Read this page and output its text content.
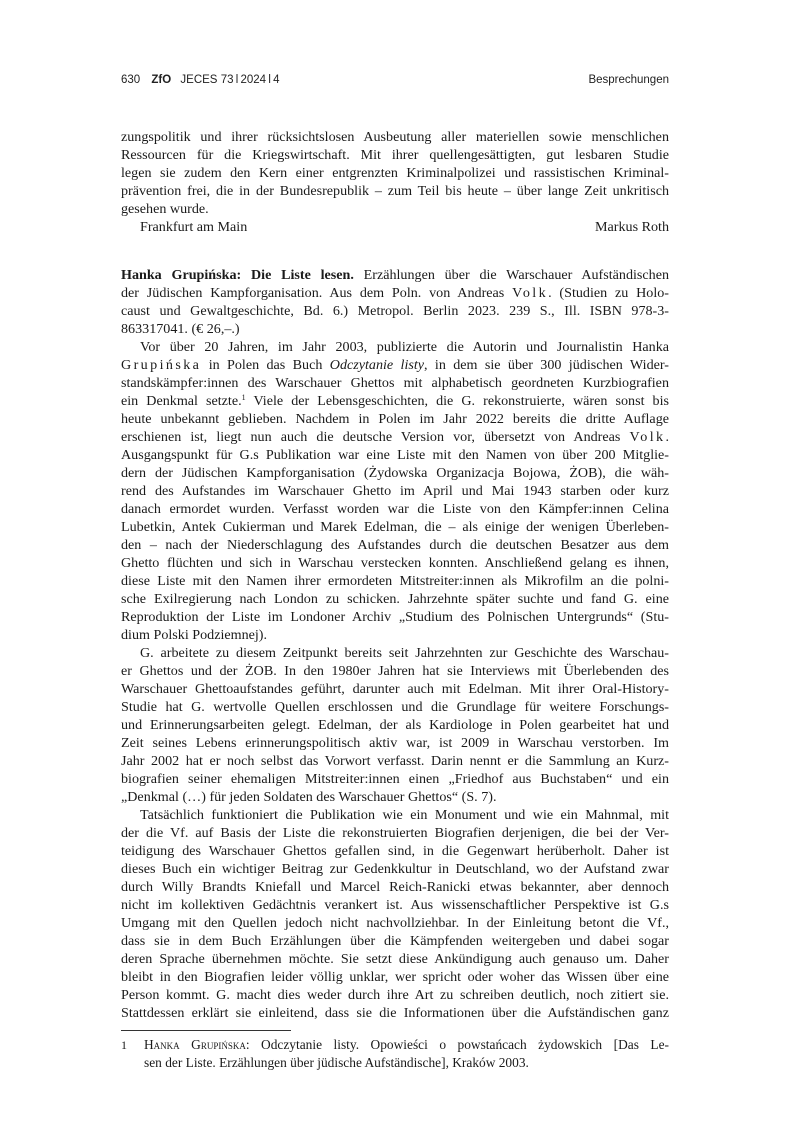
630 ZfO JECES 73 ǀ 2024 ǀ 4	Besprechungen
zungspolitik und ihrer rücksichtslosen Ausbeutung aller materiellen sowie menschlichen
Ressourcen für die Kriegswirtschaft. Mit ihrer quellengesättigten, gut lesbaren Studie
legen sie zudem den Kern einer entgrenzten Kriminalpolizei und rassistischen Kriminal-
prävention frei, die in der Bundesrepublik – zum Teil bis heute – über lange Zeit unkritisch
gesehen wurde.
Frankfurt am Main	Markus Roth
Hanka Grupińska: Die Liste lesen. Erzählungen über die Warschauer Aufständischen
der Jüdischen Kampforganisation. Aus dem Poln. von Andreas Volk. (Studien zu Holo-
caust und Gewaltgeschichte, Bd. 6.) Metropol. Berlin 2023. 239 S., Ill. ISBN 978-3-
863317041. (€ 26,–.)
Vor über 20 Jahren, im Jahr 2003, publizierte die Autorin und Journalistin Hanka
Grupińska in Polen das Buch Odczytanie listy, in dem sie über 300 jüdischen Wider-
standskämpfer:innen des Warschauer Ghettos mit alphabetisch geordneten Kurzbiografien
ein Denkmal setzte.$^1$ Viele der Lebensgeschichten, die G. rekonstruierte, wären sonst bis
heute unbekannt geblieben. Nachdem in Polen im Jahr 2022 bereits die dritte Auflage
erschienen ist, liegt nun auch die deutsche Version vor, übersetzt von Andreas Volk.
Ausgangspunkt für G.s Publikation war eine Liste mit den Namen von über 200 Mitglie-
dern der Jüdischen Kampforganisation (Żydowska Organizacja Bojowa, ŻOB), die wäh-
rend des Aufstandes im Warschauer Ghetto im April und Mai 1943 starben oder kurz
danach ermordet wurden. Verfasst worden war die Liste von den Kämpfer:innen Celina
Lubetkin, Antek Cukierman und Marek Edelman, die – als einige der wenigen Überleben-
den – nach der Niederschlagung des Aufstandes durch die deutschen Besatzer aus dem
Ghetto flüchten und sich in Warschau verstecken konnten. Anschließend gelang es ihnen,
diese Liste mit den Namen ihrer ermordeten Mitstreiter:innen als Mikrofilm an die polni-
sche Exilregierung nach London zu schicken. Jahrzehnte später suchte und fand G. eine
Reproduktion der Liste im Londoner Archiv „Studium des Polnischen Untergrunds“ (Stu-
dium Polski Podziemnej).
G. arbeitete zu diesem Zeitpunkt bereits seit Jahrzehnten zur Geschichte des Warschau-
er Ghettos und der ŻOB. In den 1980er Jahren hat sie Interviews mit Überlebenden des
Warschauer Ghettoaufstandes geführt, darunter auch mit Edelman. Mit ihrer Oral-History-
Studie hat G. wertvolle Quellen erschlossen und die Grundlage für weitere Forschungs-
und Erinnerungsarbeiten gelegt. Edelman, der als Kardiologe in Polen gearbeitet hat und
Zeit seines Lebens erinnerungspolitisch aktiv war, ist 2009 in Warschau verstorben. Im
Jahr 2002 hat er noch selbst das Vorwort verfasst. Darin nennt er die Sammlung an Kurz-
biografien seiner ehemaligen Mitstreiter:innen einen „Friedhof aus Buchstaben“ und ein
„Denkmal (…) für jeden Soldaten des Warschauer Ghettos“ (S. 7).
Tatsächlich funktioniert die Publikation wie ein Monument und wie ein Mahnmal, mit
der die Vf. auf Basis der Liste die rekonstruierten Biografien derjenigen, die bei der Ver-
teidigung des Warschauer Ghettos gefallen sind, in die Gegenwart herüberholt. Daher ist
dieses Buch ein wichtiger Beitrag zur Gedenkkultur in Deutschland, wo der Aufstand zwar
durch Willy Brandts Kniefall und Marcel Reich-Ranicki etwas bekannter, aber dennoch
nicht im kollektiven Gedächtnis verankert ist. Aus wissenschaftlicher Perspektive ist G.s
Umgang mit den Quellen jedoch nicht nachvollziehbar. In der Einleitung betont die Vf.,
dass sie in dem Buch Erzählungen über die Kämpfenden weitergeben und dabei sogar
deren Sprache übernehmen möchte. Sie setzt diese Ankündigung auch genauso um. Daher
bleibt in den Biografien leider völlig unklar, wer spricht oder woher das Wissen über eine
Person kommt. G. macht dies weder durch ihre Art zu schreiben deutlich, noch zitiert sie.
Stattdessen erklärt sie einleitend, dass sie die Informationen über die Aufständischen ganz
1 Hanka Grupińska: Odczytanie listy. Opowieści o powstańcach żydowskich [Das Le-
sen der Liste. Erzählungen über jüdische Aufständische], Kraków 2003.
